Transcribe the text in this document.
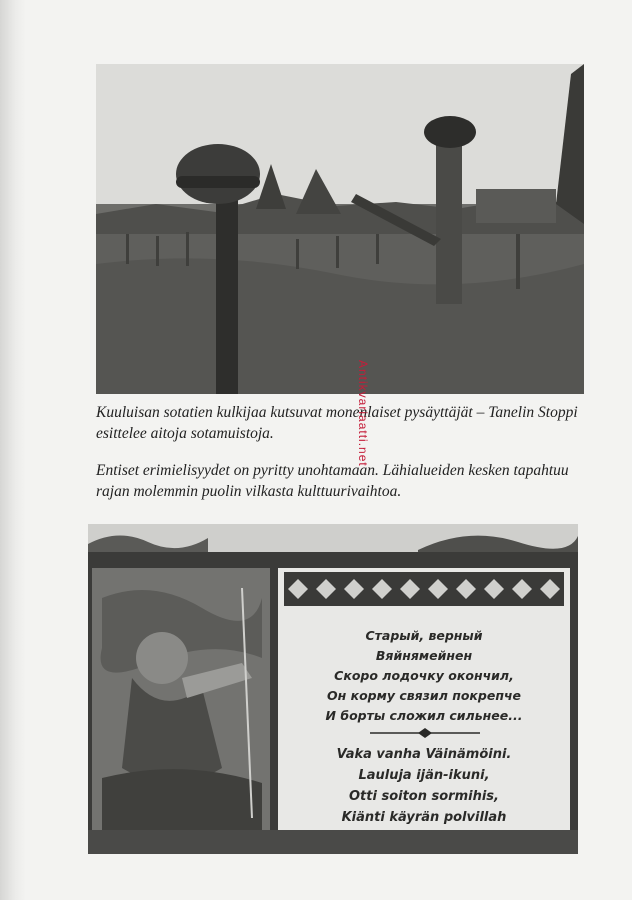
Kuuluisan sotatien kulkijaa kutsuvat monenlaiset pysäyttäjät – Tanelin Stoppi esittelee aitoja sotamuistoja.

Entiset erimielisyydet on pyritty unohtamaan. Lähialueiden kesken tapahtuu rajan molemmin puolin vilkasta kulttuurivaihtoa.

Antikvariaatti.net
Старый, верный
Вяйнямейнен
Скоро лодочку окончил,
Он корму связил покрепче
И борты сложил сильнее...
Vaka vanha Väinämöini.
Lauluja ijän-ikuni,
Otti soiton sormihis,
Kiänti käyrän polvillah
